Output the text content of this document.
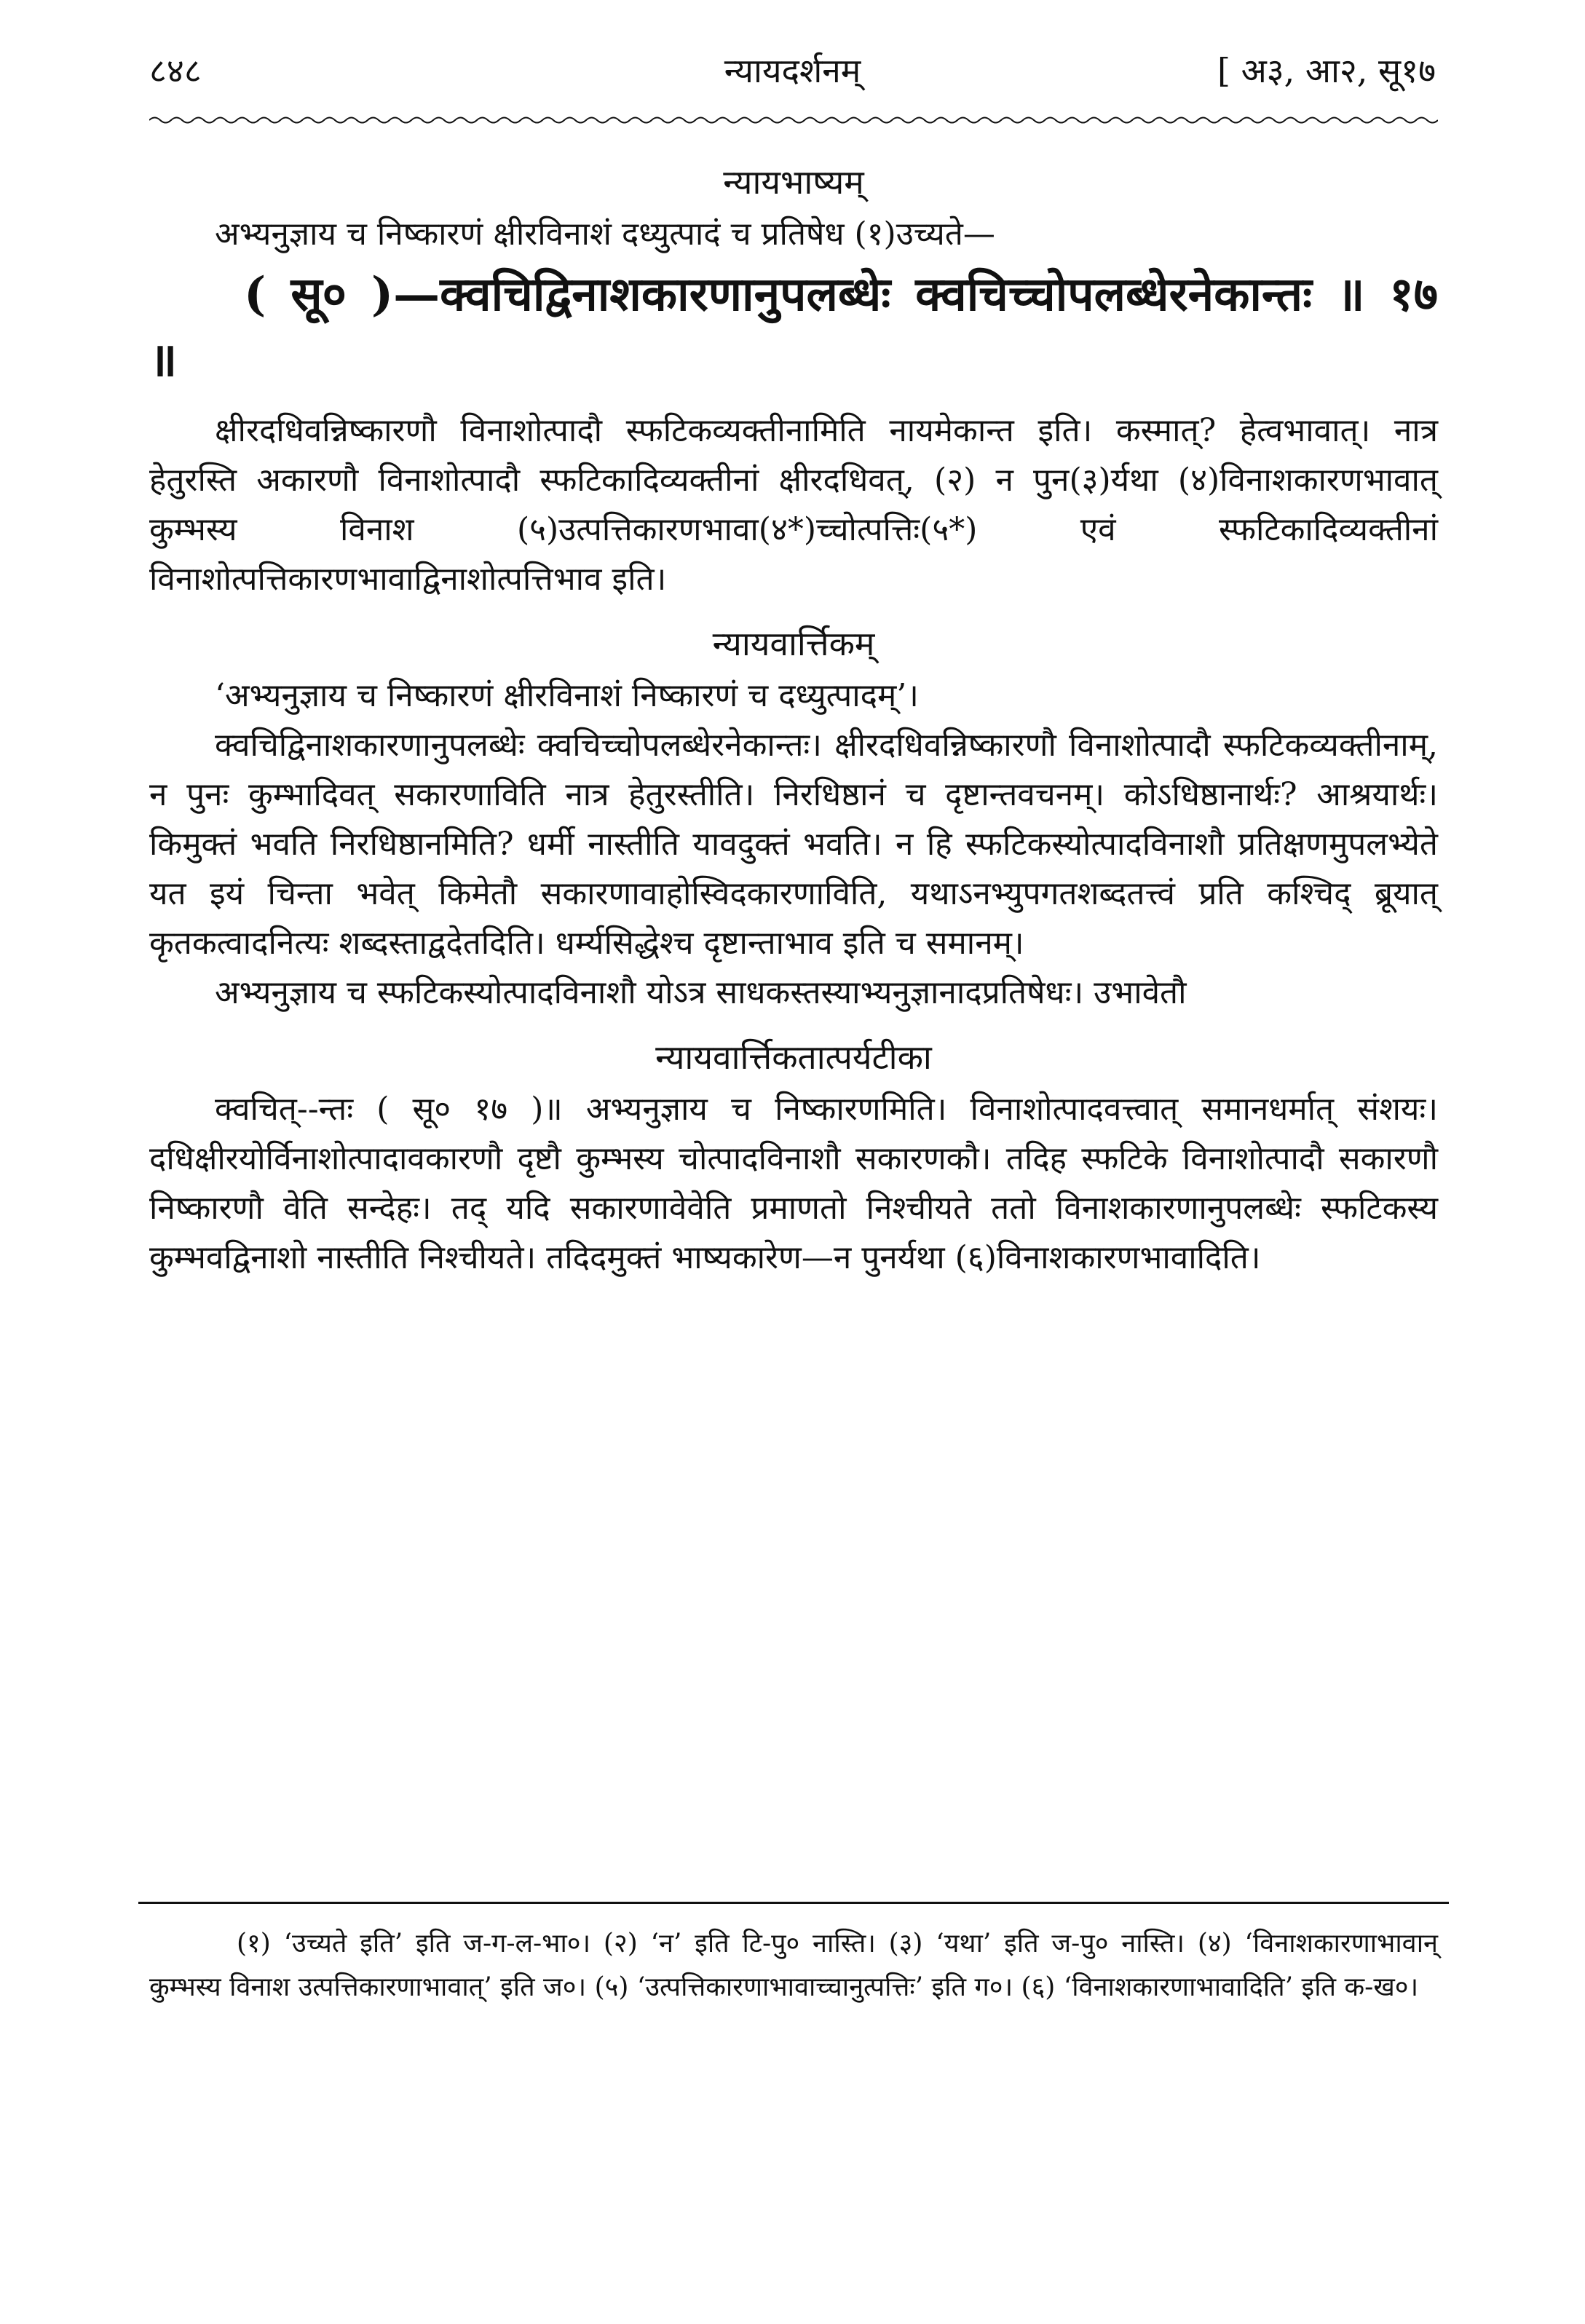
८४८	न्यायदर्शनम्	[ अ३, आ२, सू१७
न्यायभाष्यम्

अभ्यनुज्ञाय च निष्कारणं क्षीरविनाशं दध्युत्पादं च प्रतिषेध (१)उच्यते—

( सू० )—क्वचिद्विनाशकारणानुपलब्धेः क्वचिच्चोपलब्धेरनेकान्तः ॥ १७ ॥

क्षीरदधिवन्निष्कारणौ विनाशोत्पादौ स्फटिकव्यक्तीनामिति नायमेकान्त इति। कस्मात्? हेत्वभावात्। नात्र हेतुरस्ति अकारणौ विनाशोत्पादौ स्फटिकादिव्यक्तीनां क्षीरदधिवत्, (२) न पुन(३)र्यथा (४)विनाशकारणभावात् कुम्भस्य विनाश (५)उत्पत्तिकारणभावा(४*)च्चोत्पत्तिः(५*) एवं स्फटिकादिव्यक्तीनां विनाशोत्पत्तिकारणभावाद्विनाशोत्पत्तिभाव इति।

न्यायवार्त्तिकम्

‘अभ्यनुज्ञाय च निष्कारणं क्षीरविनाशं निष्कारणं च दध्युत्पादम्’।

क्वचिद्विनाशकारणानुपलब्धेः क्वचिच्चोपलब्धेरनेकान्तः। क्षीरदधिवन्निष्कारणौ विनाशोत्पादौ स्फटिकव्यक्तीनाम्, न पुनः कुम्भादिवत् सकारणाविति नात्र हेतुरस्तीति। निरधिष्ठानं च दृष्टान्तवचनम्। कोऽधिष्ठानार्थः? आश्रयार्थः। किमुक्तं भवति निरधिष्ठानमिति? धर्मी नास्तीति यावदुक्तं भवति। न हि स्फटिकस्योत्पादविनाशौ प्रतिक्षणमुपलभ्येते यत इयं चिन्ता भवेत् किमेतौ सकारणावाहोस्विदकारणाविति, यथाऽनभ्युपगतशब्दतत्त्वं प्रति कश्चिद् ब्रूयात् कृतकत्वादनित्यः शब्दस्ताद्वदेतदिति। धर्म्यसिद्धेश्च दृष्टान्ताभाव इति च समानम्।

अभ्यनुज्ञाय च स्फटिकस्योत्पादविनाशौ योऽत्र साधकस्तस्याभ्यनुज्ञानादप्रतिषेधः। उभावेतौ

न्यायवार्त्तिकतात्पर्यटीका

क्वचित्--न्तः ( सू० १७ )॥ अभ्यनुज्ञाय च निष्कारणमिति। विनाशोत्पादवत्त्वात् समानधर्मात् संशयः। दधिक्षीरयोर्विनाशोत्पादावकारणौ दृष्टौ कुम्भस्य चोत्पादविनाशौ सकारणकौ। तदिह स्फटिके विनाशोत्पादौ सकारणौ निष्कारणौ वेति सन्देहः। तद् यदि सकारणावेवेति प्रमाणतो निश्चीयते ततो विनाशकारणानुपलब्धेः स्फटिकस्य कुम्भवद्विनाशो नास्तीति निश्चीयते। तदिदमुक्तं भाष्यकारेण—न पुनर्यथा (६)विनाशकारणभावादिति।

(१) ‘उच्यते इति’ इति ज-ग-ल-भा०। (२) ‘न’ इति टि-पु० नास्ति। (३) ‘यथा’ इति ज-पु० नास्ति। (४) ‘विनाशकारणाभावान् कुम्भस्य विनाश उत्पत्तिकारणाभावात्’ इति ज०। (५) ‘उत्पत्तिकारणाभावाच्चानुत्पत्तिः’ इति ग०। (६) ‘विनाशकारणाभावादिति’ इति क-ख०।
